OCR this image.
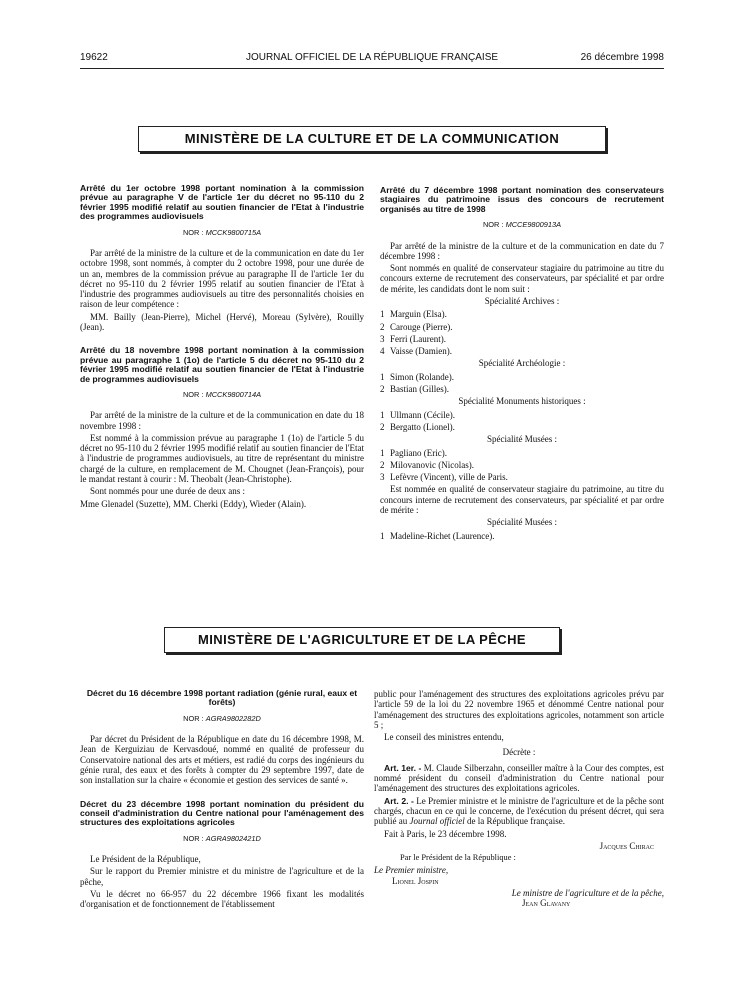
19622	JOURNAL OFFICIEL DE LA RÉPUBLIQUE FRANÇAISE	26 décembre 1998
MINISTÈRE DE LA CULTURE ET DE LA COMMUNICATION
Arrêté du 1er octobre 1998 portant nomination à la commission prévue au paragraphe V de l'article 1er du décret no 95-110 du 2 février 1995 modifié relatif au soutien financier de l'Etat à l'industrie des programmes audiovisuels
NOR : MCCK9800715A

Par arrêté de la ministre de la culture et de la communication en date du 1er octobre 1998, sont nommés, à compter du 2 octobre 1998, pour une durée de un an, membres de la commission prévue au paragraphe II de l'article 1er du décret no 95-110 du 2 février 1995 relatif au soutien financier de l'Etat à l'industrie des programmes audiovisuels au titre des personnalités choisies en raison de leur compétence :

MM. Bailly (Jean-Pierre), Michel (Hervé), Moreau (Sylvère), Rouilly (Jean).

Arrêté du 18 novembre 1998 portant nomination à la commission prévue au paragraphe 1 (1o) de l'article 5 du décret no 95-110 du 2 février 1995 modifié relatif au soutien financier de l'Etat à l'industrie de programmes audiovisuels
NOR : MCCK9800714A

Par arrêté de la ministre de la culture et de la communication en date du 18 novembre 1998 :

Est nommé à la commission prévue au paragraphe 1 (1o) de l'article 5 du décret no 95-110 du 2 février 1995 modifié relatif au soutien financier de l'Etat à l'industrie de programmes audiovisuels, au titre de représentant du ministre chargé de la culture, en remplacement de M. Chougnet (Jean-François), pour le mandat restant à courir : M. Theobalt (Jean-Christophe).

Sont nommés pour une durée de deux ans :

Mme Glenadel (Suzette), MM. Cherki (Eddy), Wieder (Alain).

Arrêté du 7 décembre 1998 portant nomination des conservateurs stagiaires du patrimoine issus des concours de recrutement organisés au titre de 1998
NOR : MCCE9800913A

Par arrêté de la ministre de la culture et de la communication en date du 7 décembre 1998 :

Sont nommés en qualité de conservateur stagiaire du patrimoine au titre du concours externe de recrutement des conservateurs, par spécialité et par ordre de mérite, les candidats dont le nom suit :

Spécialité Archives :
1 Marguin (Elsa).
2 Carouge (Pierre).
3 Ferri (Laurent).
4 Vaisse (Damien).
Spécialité Archéologie :
1 Simon (Rolande).
2 Bastian (Gilles).
Spécialité Monuments historiques :
1 Ullmann (Cécile).
2 Bergatto (Lionel).
Spécialité Musées :
1 Pagliano (Eric).
2 Milovanovic (Nicolas).
3 Lefèvre (Vincent), ville de Paris.

Est nommée en qualité de conservateur stagiaire du patrimoine, au titre du concours interne de recrutement des conservateurs, par spécialité et par ordre de mérite :

Spécialité Musées :
1 Madeline-Richet (Laurence).
MINISTÈRE DE L'AGRICULTURE ET DE LA PÊCHE
Décret du 16 décembre 1998 portant radiation (génie rural, eaux et forêts)
NOR : AGRA9802282D

Par décret du Président de la République en date du 16 décembre 1998, M. Jean de Kerguiziau de Kervasdoué, nommé en qualité de professeur du Conservatoire national des arts et métiers, est radié du corps des ingénieurs du génie rural, des eaux et des forêts à compter du 29 septembre 1997, date de son installation sur la chaire « économie et gestion des services de santé ».

Décret du 23 décembre 1998 portant nomination du président du conseil d'administration du Centre national pour l'aménagement des structures des exploitations agricoles
NOR : AGRA9802421D

Le Président de la République,

Sur le rapport du Premier ministre et du ministre de l'agriculture et de la pêche,

Vu le décret no 66-957 du 22 décembre 1966 fixant les modalités d'organisation et de fonctionnement de l'établissement

public pour l'aménagement des structures des exploitations agricoles prévu par l'article 59 de la loi du 22 novembre 1965 et dénommé Centre national pour l'aménagement des structures des exploitations agricoles, notamment son article 5 ;

Le conseil des ministres entendu,

Décrète :

Art. 1er. - M. Claude Silberzahn, conseiller maître à la Cour des comptes, est nommé président du conseil d'administration du Centre national pour l'aménagement des structures des exploitations agricoles.

Art. 2. - Le Premier ministre et le ministre de l'agriculture et de la pêche sont chargés, chacun en ce qui le concerne, de l'exécution du présent décret, qui sera publié au Journal officiel de la République française.

Fait à Paris, le 23 décembre 1998.

Jacques Chirac
Par le Président de la République :
Le Premier ministre,
Lionel Jospin
Le ministre de l'agriculture et de la pêche,
Jean Glavany
